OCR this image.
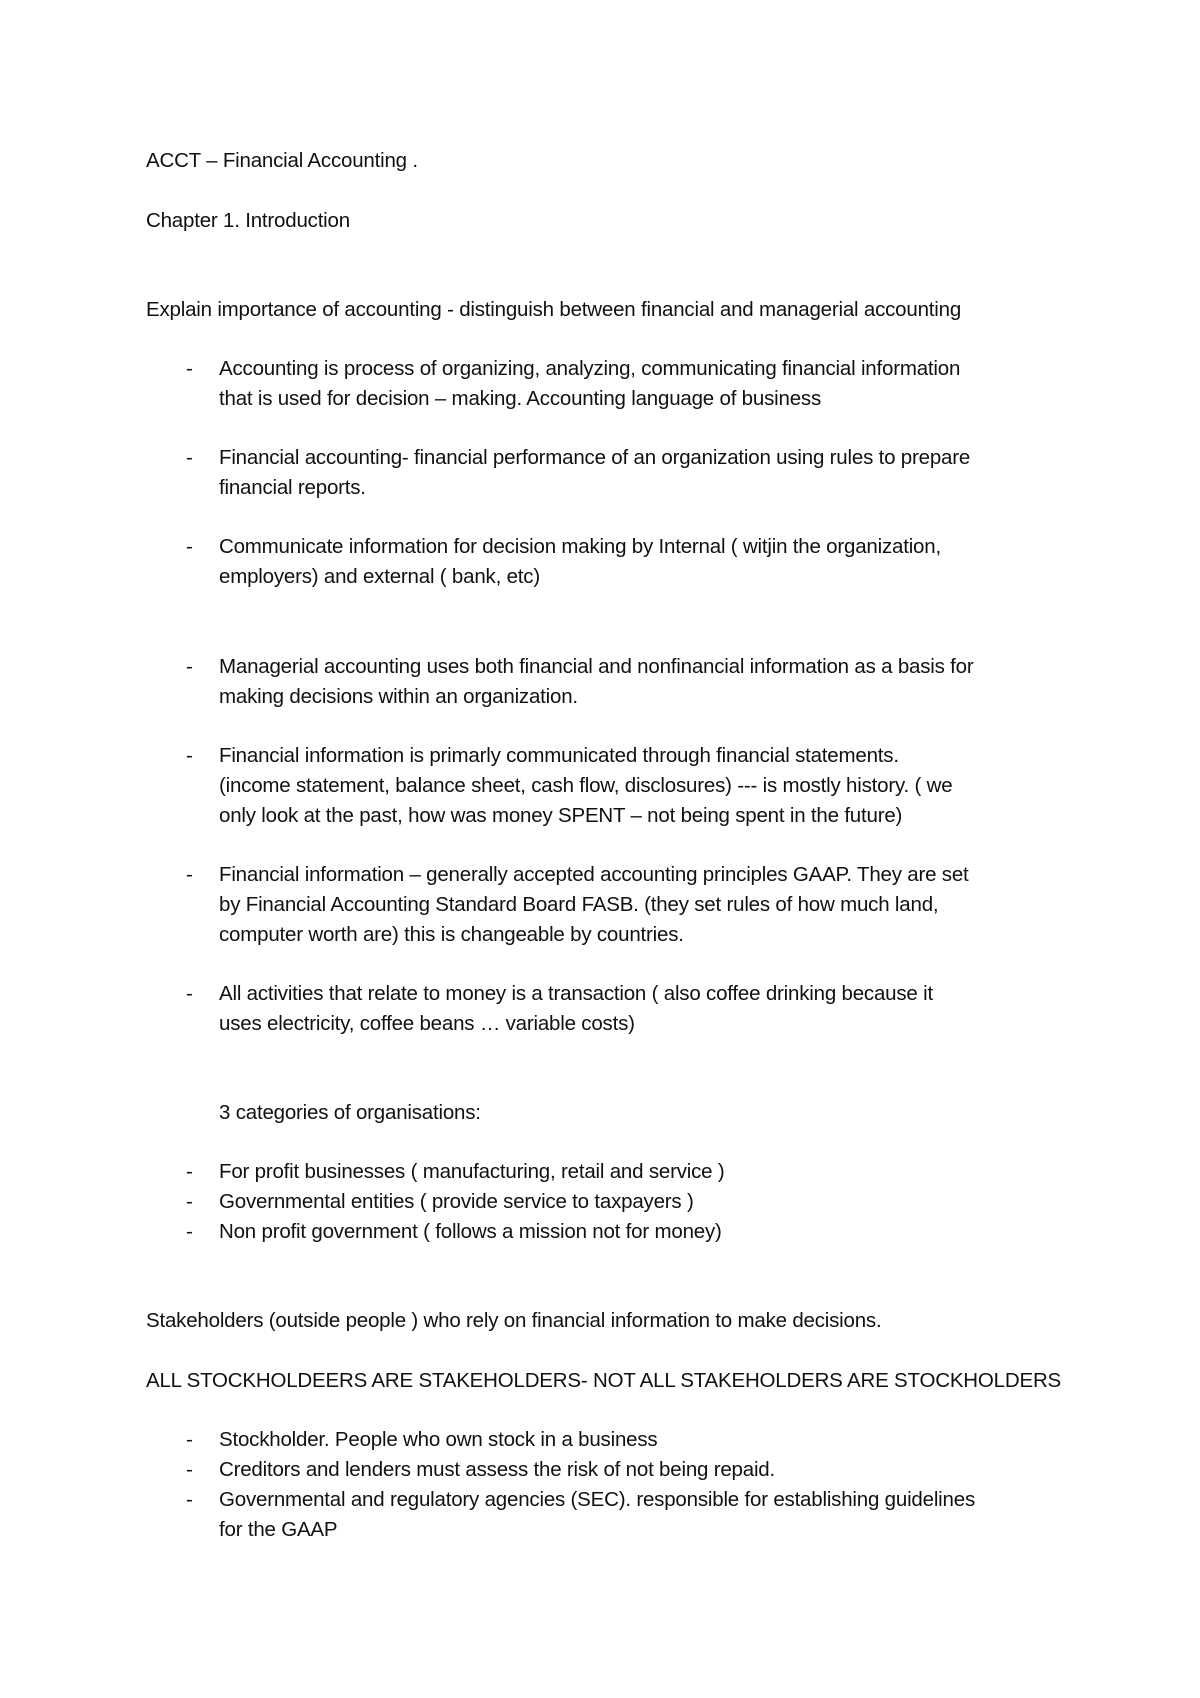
ACCT – Financial Accounting .
Chapter 1. Introduction
Explain importance of accounting - distinguish between financial and managerial accounting
- Accounting is process of organizing, analyzing, communicating financial information
that is used for decision – making. Accounting language of business
- Financial accounting- financial performance of an organization using rules to prepare
financial reports.
- Communicate information for decision making by Internal ( witjin the organization,
employers) and external ( bank, etc)
- Managerial accounting uses both financial and nonfinancial information as a basis for
making decisions within an organization.
- Financial information is primarly communicated through financial statements.
(income statement, balance sheet, cash flow, disclosures) --- is mostly history. ( we
only look at the past, how was money SPENT – not being spent in the future)
- Financial information – generally accepted accounting principles GAAP. They are set
by Financial Accounting Standard Board FASB. (they set rules of how much land,
computer worth are) this is changeable by countries.
- All activities that relate to money is a transaction ( also coffee drinking because it
uses electricity, coffee beans … variable costs)
3 categories of organisations:
- For profit businesses ( manufacturing, retail and service )
- Governmental entities ( provide service to taxpayers )
- Non profit government ( follows a mission not for money)
Stakeholders (outside people ) who rely on financial information to make decisions.
ALL STOCKHOLDEERS ARE STAKEHOLDERS- NOT ALL STAKEHOLDERS ARE STOCKHOLDERS
- Stockholder. People who own stock in a business
- Creditors and lenders must assess the risk of not being repaid.
- Governmental and regulatory agencies (SEC). responsible for establishing guidelines
for the GAAP
